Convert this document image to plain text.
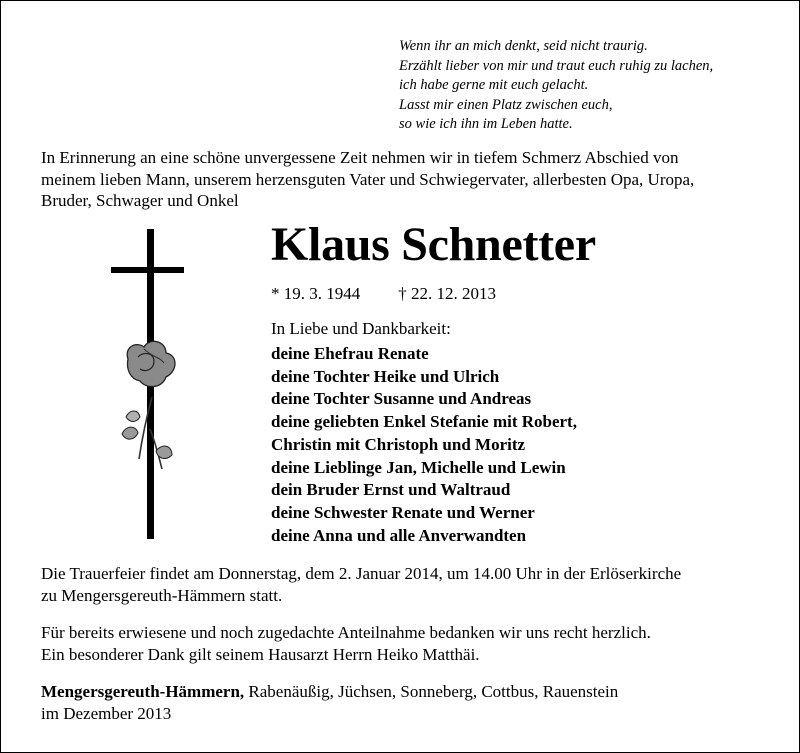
Wenn ihr an mich denkt, seid nicht traurig.
Erzählt lieber von mir und traut euch ruhig zu lachen,
ich habe gerne mit euch gelacht.
Lasst mir einen Platz zwischen euch,
so wie ich ihn im Leben hatte.
In Erinnerung an eine schöne unvergessene Zeit nehmen wir in tiefem Schmerz Abschied von
meinem lieben Mann, unserem herzensguten Vater und Schwiegervater, allerbesten Opa, Uropa,
Bruder, Schwager und Onkel
Klaus Schnetter
* 19. 3. 1944 † 22. 12. 2013
In Liebe und Dankbarkeit:
deine Ehefrau Renate
deine Tochter Heike und Ulrich
deine Tochter Susanne und Andreas
deine geliebten Enkel Stefanie mit Robert,
Christin mit Christoph und Moritz
deine Lieblinge Jan, Michelle und Lewin
dein Bruder Ernst und Waltraud
deine Schwester Renate und Werner
deine Anna und alle Anverwandten
Die Trauerfeier findet am Donnerstag, dem 2. Januar 2014, um 14.00 Uhr in der Erlöserkirche
zu Mengersgereuth-Hämmern statt.
Für bereits erwiesene und noch zugedachte Anteilnahme bedanken wir uns recht herzlich.
Ein besonderer Dank gilt seinem Hausarzt Herrn Heiko Matthäi.
Mengersgereuth-Hämmern, Rabenäußig, Jüchsen, Sonneberg, Cottbus, Rauenstein
im Dezember 2013
